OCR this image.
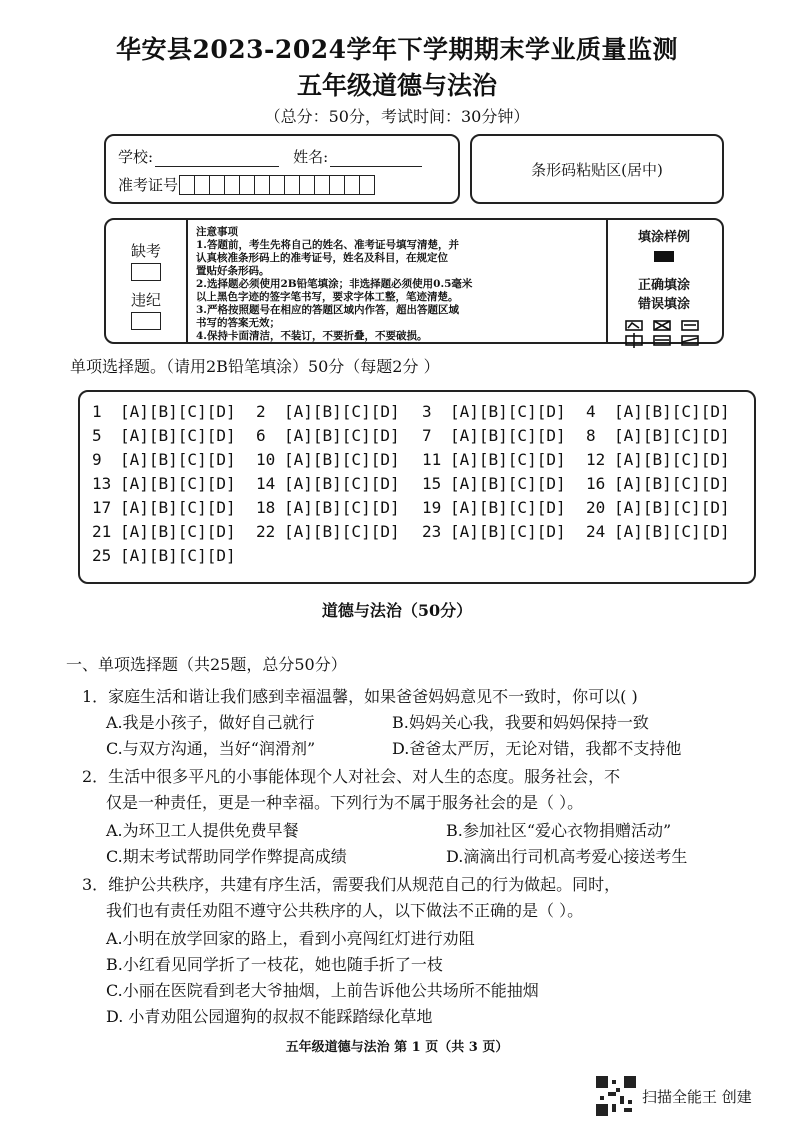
华安县2023-2024学年下学期期末学业质量监测
五年级道德与法治
（总分：50分，考试时间：30分钟）
学校:	姓名:
准考证号
条形码粘贴区(居中)
缺考
违纪
注意事项
1.答题前，考生先将自己的姓名、准考证号填写清楚，并
认真核准条形码上的准考证号，姓名及科目，在规定位
置贴好条形码。
2.选择题必须使用2B铅笔填涂；非选择题必须使用0.5毫米
以上黑色字迹的签字笔书写，要求字体工整，笔迹清楚。
3.严格按照题号在相应的答题区域内作答，超出答题区域
书写的答案无效；
4.保持卡面清洁，不装订，不要折叠，不要破损。
填涂样例
正确填涂
错误填涂
单项选择题。（请用2B铅笔填涂）50分（每题2分 ）
1 [A][B][C][D] 2 [A][B][C][D] 3 [A][B][C][D] 4 [A][B][C][D]
5 [A][B][C][D] 6 [A][B][C][D] 7 [A][B][C][D] 8 [A][B][C][D]
9 [A][B][C][D] 10 [A][B][C][D] 11 [A][B][C][D] 12 [A][B][C][D]
13 [A][B][C][D] 14 [A][B][C][D] 15 [A][B][C][D] 16 [A][B][C][D]
17 [A][B][C][D] 18 [A][B][C][D] 19 [A][B][C][D] 20 [A][B][C][D]
21 [A][B][C][D] 22 [A][B][C][D] 23 [A][B][C][D] 24 [A][B][C][D]
25 [A][B][C][D]
道德与法治（50分）
一、单项选择题（共25题，总分50分）
1．家庭生活和谐让我们感到幸福温馨，如果爸爸妈妈意见不一致时，你可以( )
A.我是小孩子，做好自己就行	B.妈妈关心我，我要和妈妈保持一致
C.与双方沟通，当好“润滑剂”	D.爸爸太严厉，无论对错，我都不支持他
2．生活中很多平凡的小事能体现个人对社会、对人生的态度。服务社会，不
仅是一种责任，更是一种幸福。下列行为不属于服务社会的是（ ）。
A.为环卫工人提供免费早餐	B.参加社区“爱心衣物捐赠活动”
C.期末考试帮助同学作弊提高成绩	D.滴滴出行司机高考爱心接送考生
3．维护公共秩序，共建有序生活，需要我们从规范自己的行为做起。同时，
我们也有责任劝阻不遵守公共秩序的人，以下做法不正确的是（ ）。
A.小明在放学回家的路上，看到小亮闯红灯进行劝阻
B.小红看见同学折了一枝花，她也随手折了一枝
C.小丽在医院看到老大爷抽烟，上前告诉他公共场所不能抽烟
D. 小青劝阻公园遛狗的叔叔不能踩踏绿化草地
五年级道德与法治 第 1 页（共 3 页）
扫描全能王 创建
